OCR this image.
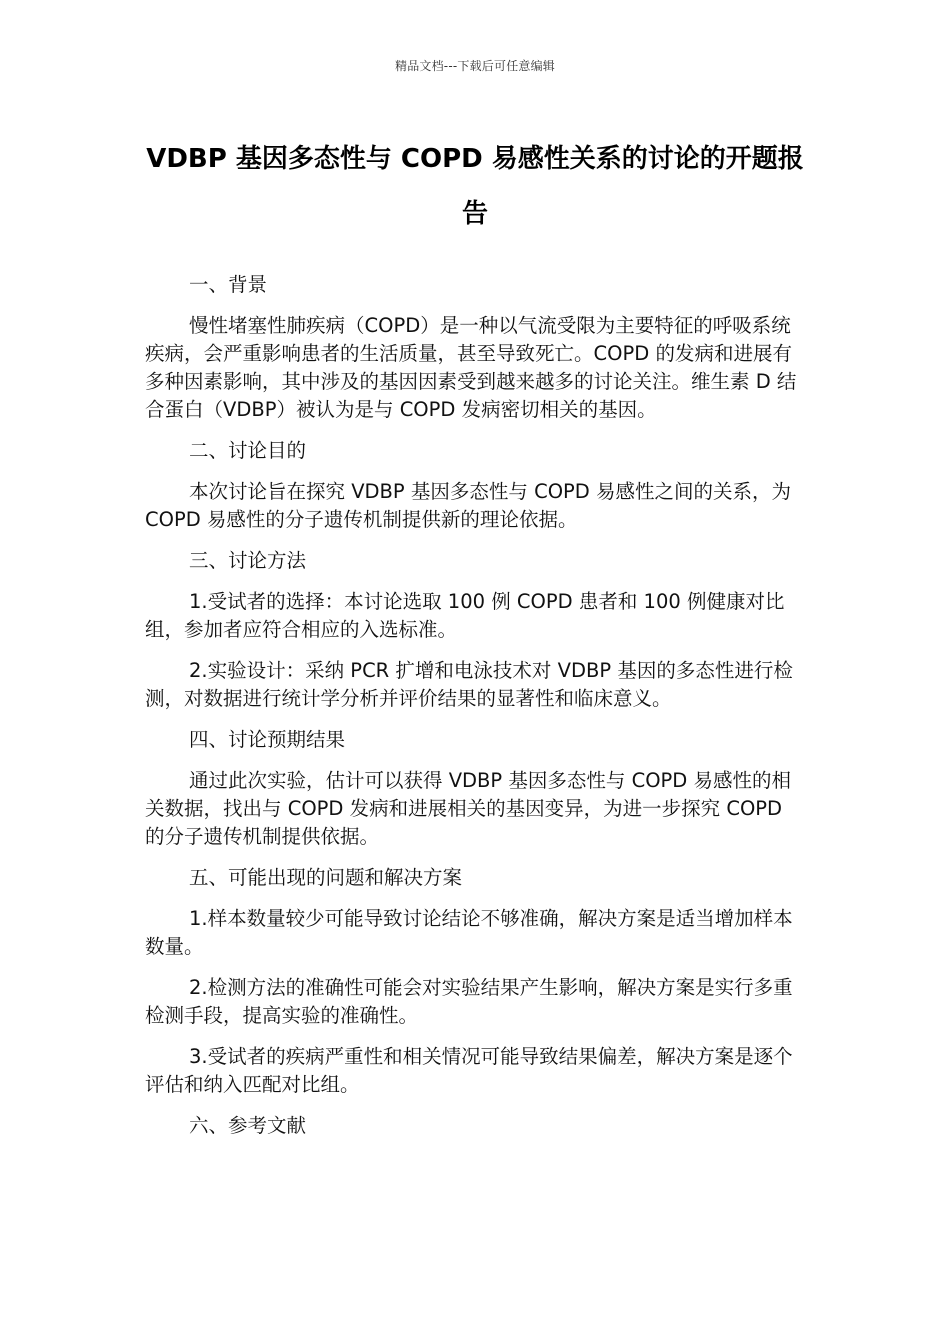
精品文档---下载后可任意编辑
VDBP 基因多态性与 COPD 易感性关系的讨论的开题报告

一、背景

慢性堵塞性肺疾病（COPD）是一种以气流受限为主要特征的呼吸系统疾病，会严重影响患者的生活质量，甚至导致死亡。COPD 的发病和进展有多种因素影响，其中涉及的基因因素受到越来越多的讨论关注。维生素 D 结合蛋白（VDBP）被认为是与 COPD 发病密切相关的基因。

二、讨论目的

本次讨论旨在探究 VDBP 基因多态性与 COPD 易感性之间的关系，为 COPD 易感性的分子遗传机制提供新的理论依据。

三、讨论方法

1.受试者的选择：本讨论选取 100 例 COPD 患者和 100 例健康对比组，参加者应符合相应的入选标准。

2.实验设计：采纳 PCR 扩增和电泳技术对 VDBP 基因的多态性进行检测，对数据进行统计学分析并评价结果的显著性和临床意义。

四、讨论预期结果

通过此次实验，估计可以获得 VDBP 基因多态性与 COPD 易感性的相关数据，找出与 COPD 发病和进展相关的基因变异，为进一步探究 COPD 的分子遗传机制提供依据。

五、可能出现的问题和解决方案

1.样本数量较少可能导致讨论结论不够准确，解决方案是适当增加样本数量。

2.检测方法的准确性可能会对实验结果产生影响，解决方案是实行多重检测手段，提高实验的准确性。

3.受试者的疾病严重性和相关情况可能导致结果偏差，解决方案是逐个评估和纳入匹配对比组。

六、参考文献
